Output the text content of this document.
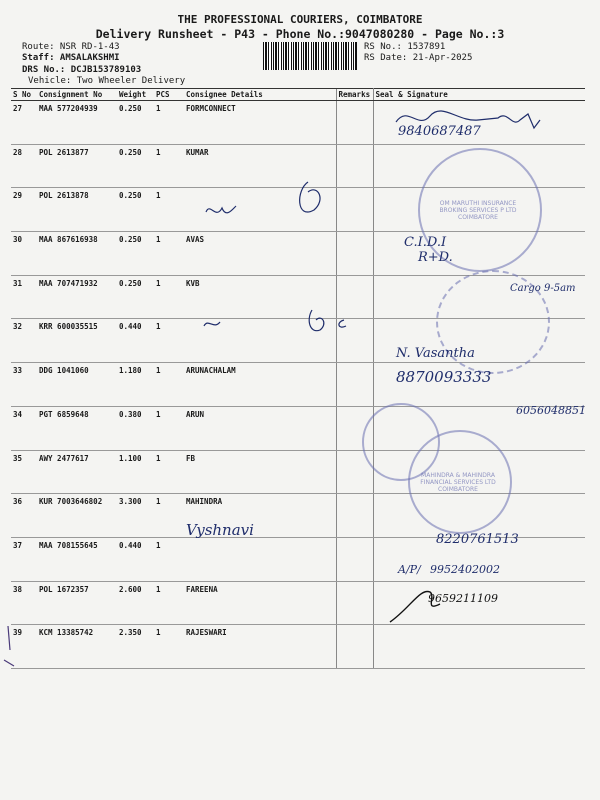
THE PROFESSIONAL COURIERS, COIMBATORE
Delivery Runsheet - P43 - Phone No.:9047080280 - Page No.:3
Route: NSR RD-1-43
Staff: AMSALAKSHMI
DRS No.: DCJB153789103
Vehicle: Two Wheeler Delivery
RS No.: 1537891
RS Date: 21-Apr-2025
S No	Consignment No	Weight	PCS	Consignee Details	Remarks	Seal & Signature
27	MAA 577204939	0.250	1	FORMCONNECT		
28	POL 2613877	0.250	1	KUMAR		
29	POL 2613878	0.250	1			
30	MAA 867616938	0.250	1	AVAS		
31	MAA 707471932	0.250	1	KVB		
32	KRR 600035515	0.440	1			
33	DDG 1041060	1.180	1	ARUNACHALAM		
34	PGT 6859648	0.380	1	ARUN		
35	AWY 2477617	1.100	1	FB		
36	KUR 7003646802	3.300	1	MAHINDRA		
37	MAA 708155645	0.440	1			
38	POL 1672357	2.600	1	FAREENA		
39	KCM 13385742	2.350	1	RAJESWARI		
OM MARUTHI INSURANCE BROKING SERVICES P LTD COIMBATORE
MAHINDRA & MAHINDRA FINANCIAL SERVICES LTD COIMBATORE
9840687487
C.I.D.I
R+D.
Cargo 9-5am
N. Vasantha
8870093333
6056048851
Vyshnavi
8220761513
A/P/ 9952402002
9659211109
